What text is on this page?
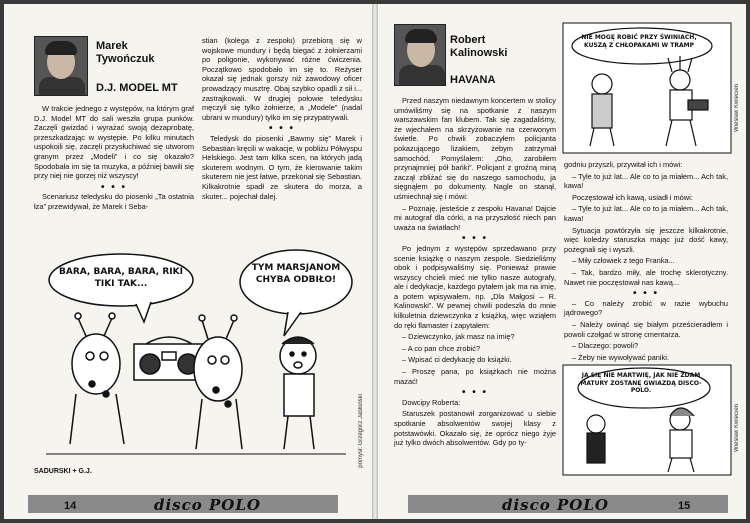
Marek
Tywończuk
D.J. MODEL MT

W trakcie jednego z występów, na którym graf D.J. Model MT do sali weszła grupa punków. Zaczęli gwizdać i wyrażać swoją dezaprobatę, przeszkadzając w występie. Po kilku minutach uspokoili się, zaczęli przysłuchiwać się utworom granym przez „Modeli” i co się okazało? Spodobała im się ta muzyka, a później bawili się przy niej nie gorzej niż wszyscy!

• • •

Scenariusz teledysku do piosenki „Ta ostatnia łza” przewidywał, że Marek i Seba-

stian (kolega z zespołu) przebiorą się w wojskowe mundury i będą biegać z żołnierzami po poligonie, wykonywać różne ćwiczenia. Początkowo spodobało im się to. Reżyser okazał się jednak gorszy niż zawodowy oficer prowadzący musztrę. Obaj szybko opadli z sił i... zastrajkowali. W drugiej połowie teledysku męczyli się tylko żołnierze, a „Modele” (nadal ubrani w mundury) tylko im się przypatrywali.

• • •

Teledysk do piosenki „Bawmy się” Marek i Sebastian kręcili w wakacje, w pobliżu Półwyspu Helskiego. Jest tam kilka scen, na których jadą skuterem wodnym. O tym, że kierowanie takim skuterem nie jest łatwe, przekonał się Sebastian. Kilkakrotnie spadł ze skutera do morza, a skuter... pojechał dalej.

BARA, BARA, BARA, RIKI TIKI TAK...
TYM MARSJANOM CHYBA ODBIŁO!
SADURSKI + G.J.
pomysł: Grzegorz Jabłoński
14	disco POLO
Robert
Kalinowski
HAVANA

Przed naszym niedawnym koncertem w stolicy umówiliśmy się na spotkanie z naszym warszawskim fan klubem. Tak się zagadaliśmy, że wjechałem na skrzyżowanie na czerwonym świetle. Po chwili zobaczyłem policjanta pokazującego lizakiem, żebym zatrzymał samochód. Pomyślałem: „Oho, zarobiłem przynajmniej pół bańki”. Policjant z groźną miną zaczął zbliżać się do naszego samochodu, ja sięgnąłem po dokumenty. Nagle on stanął, uśmiechnął się i mówi:

– Poznaję, jesteście z zespołu Havana! Dajcie mi autograf dla córki, a na przyszłość niech pan uważa na światłach!

• • •

Po jednym z występów sprzedawano przy scenie książkę o naszym zespole. Siedzieliśmy obok i podpisywaliśmy się. Ponieważ prawie wszyscy chcieli mieć nie tylko nasze autografy, ale i dedykacje, każdego pytałem jak ma na imię, a potem wpisywałem, np. „Dla Małgosi – R. Kalinowski”. W pewnej chwili podeszła do mnie kilkuletnia dziewczynka z książką, więc wziąłem do ręki flamaster i zapytałem:

– Dziewczynko, jak masz na imię?

– A co pan chce zrobić?

– Wpisać ci dedykację do książki.

– Proszę pana, po książkach nie można mazać!

• • •

Dowcipy Roberta:

Staruszek postanowił zorganizować u siebie spotkanie absolwentów swojej klasy z potstawówki. Okazało się, że oprócz niego żyje już tylko dwóch absolwentów. Gdy po ty-

NIE MOGĘ ROBIĆ PRZY ŚWINIACH, KUSZĄ Z CHŁOPAKAMI W TRAMP
Wiesław Kwiecień

godniu przyszli, przywitał ich i mówi:

– Tyle to już lat... Ale co to ja miałem... Ach tak, kawa!

Poczęstował ich kawą, usiadł i mówi:

– Tyle to już lat... Ale co to ja miałem... Ach tak, kawa!

Sytuacja powtórzyła się jeszcze kilkakrotnie, więc koledzy staruszka mając już dość kawy, pożegnali się i wyszli.

– Miły człowiek z tego Franka...

– Tak, bardzo miły, ale trochę sklerotyczny. Nawet nie poczęstował nas kawą...

• • •

– Co należy zrobić w razie wybuchu jądrowego?

– Należy owinąć się białym prześcieradłem i powoli czołgać w stronę cmentarza.

– Dlaczego: powoli?

– Żeby nie wywoływać paniki.

JA SIĘ NIE MARTWIĘ, JAK NIE ZDAM MATURY ZOSTANĘ GWIAZDĄ DISCO-POLO.
Wiesław Kwiecień
disco POLO	15
